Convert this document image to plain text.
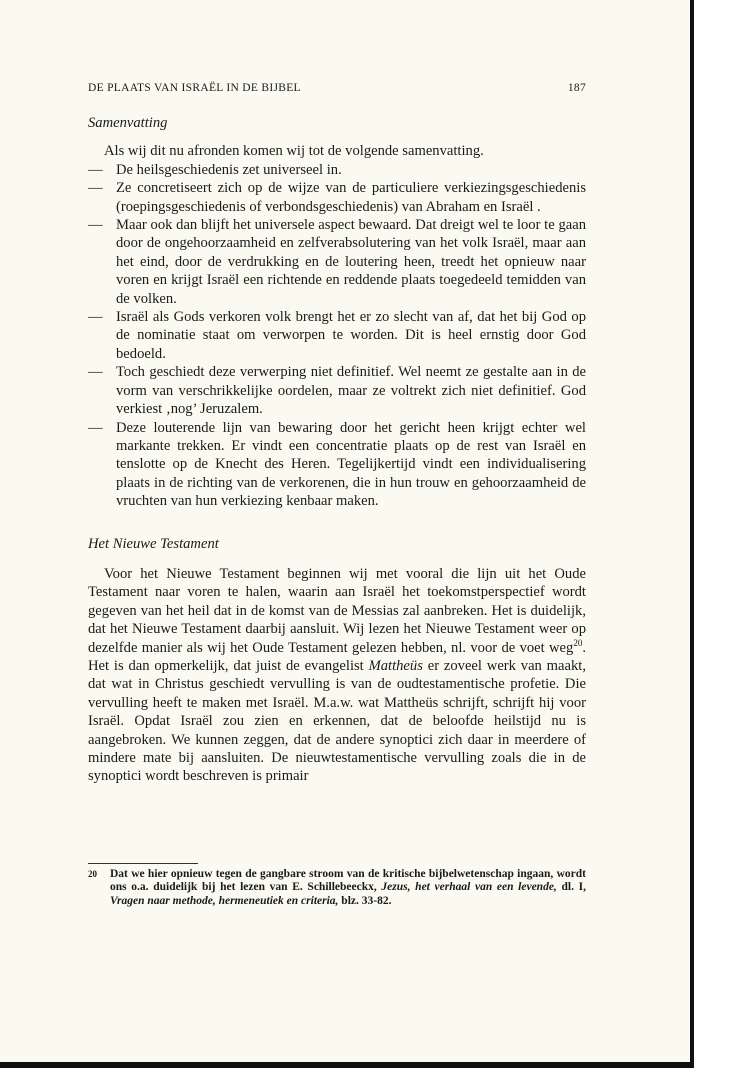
DE PLAATS VAN ISRAËL IN DE BIJBEL	187
Samenvatting

Als wij dit nu afronden komen wij tot de volgende samenvatting.

— De heilsgeschiedenis zet universeel in.
— Ze concretiseert zich op de wijze van de particuliere verkiezingsgeschiedenis (roepingsgeschiedenis of verbondsgeschiedenis) van Abraham en Israël .
— Maar ook dan blijft het universele aspect bewaard. Dat dreigt wel te loor te gaan door de ongehoorzaamheid en zelfverabsolutering van het volk Israël, maar aan het eind, door de verdrukking en de loutering heen, treedt het opnieuw naar voren en krijgt Israël een richtende en reddende plaats toegedeeld temidden van de volken.
— Israël als Gods verkoren volk brengt het er zo slecht van af, dat het bij God op de nominatie staat om verworpen te worden. Dit is heel ernstig door God bedoeld.
— Toch geschiedt deze verwerping niet definitief. Wel neemt ze gestalte aan in de vorm van verschrikkelijke oordelen, maar ze voltrekt zich niet definitief. God verkiest ‚nog’ Jeruzalem.
— Deze louterende lijn van bewaring door het gericht heen krijgt echter wel markante trekken. Er vindt een concentratie plaats op de rest van Israël en tenslotte op de Knecht des Heren. Tegelijkertijd vindt een individualisering plaats in de richting van de verkorenen, die in hun trouw en gehoorzaamheid de vruchten van hun verkiezing kenbaar maken.
Het Nieuwe Testament

Voor het Nieuwe Testament beginnen wij met vooral die lijn uit het Oude Testament naar voren te halen, waarin aan Israël het toekomstperspectief wordt gegeven van het heil dat in de komst van de Messias zal aanbreken. Het is duidelijk, dat het Nieuwe Testament daarbij aansluit. Wij lezen het Nieuwe Testament weer op dezelfde manier als wij het Oude Testament gelezen hebben, nl. voor de voet weg$^{20}$. Het is dan opmerkelijk, dat juist de evangelist Mattheüs er zoveel werk van maakt, dat wat in Christus geschiedt vervulling is van de oudtestamentische profetie. Die vervulling heeft te maken met Israël. M.a.w. wat Mattheüs schrijft, schrijft hij voor Israël. Opdat Israël zou zien en erkennen, dat de beloofde heilstijd nu is aangebroken. We kunnen zeggen, dat de andere synoptici zich daar in meerdere of mindere mate bij aansluiten. De nieuwtestamentische vervulling zoals die in de synoptici wordt beschreven is primair

20	Dat we hier opnieuw tegen de gangbare stroom van de kritische bijbelwetenschap ingaan, wordt ons o.a. duidelijk bij het lezen van E. Schillebeeckx, Jezus, het verhaal van een levende, dl. I, Vragen naar methode, hermeneutiek en criteria, blz. 33-82.
